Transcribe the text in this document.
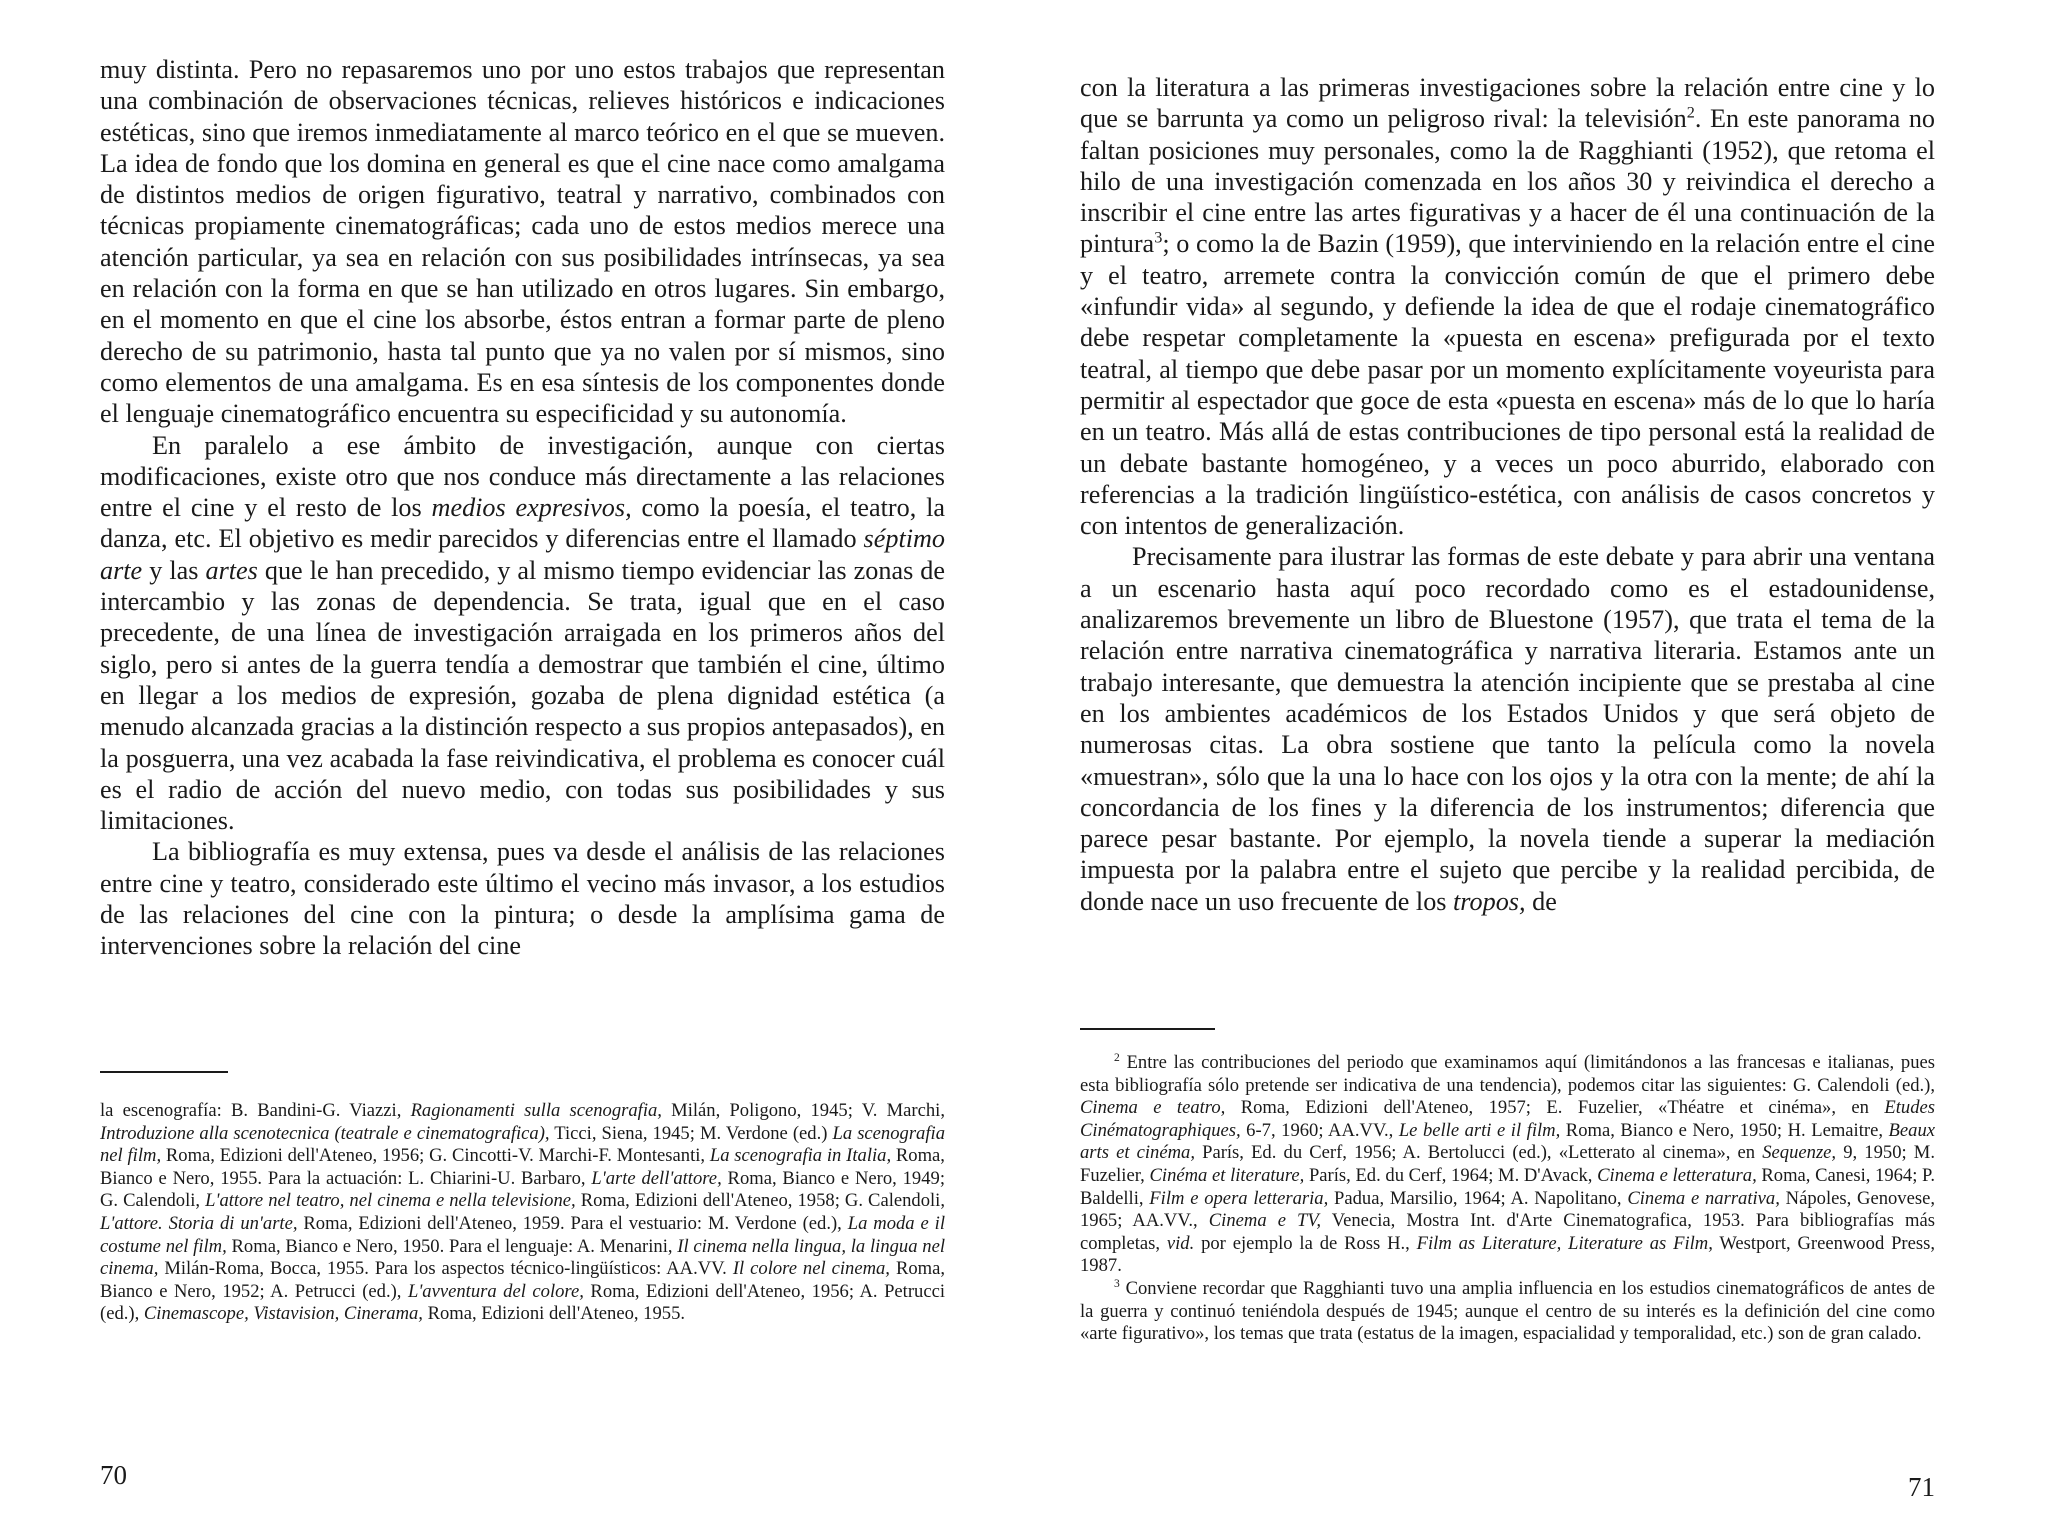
muy distinta. Pero no repasaremos uno por uno estos trabajos que representan una combinación de observaciones técnicas, relieves históricos e indicaciones estéticas, sino que iremos inmediatamente al marco teórico en el que se mueven. La idea de fondo que los domina en general es que el cine nace como amalgama de distintos medios de origen figurativo, teatral y narrativo, combinados con técnicas propiamente cinematográficas; cada uno de estos medios merece una atención particular, ya sea en relación con sus posibilidades intrínsecas, ya sea en relación con la forma en que se han utilizado en otros lugares. Sin embargo, en el momento en que el cine los absorbe, éstos entran a formar parte de pleno derecho de su patrimonio, hasta tal punto que ya no valen por sí mismos, sino como elementos de una amalgama. Es en esa síntesis de los componentes donde el lenguaje cinematográfico encuentra su especificidad y su autonomía.

En paralelo a ese ámbito de investigación, aunque con ciertas modificaciones, existe otro que nos conduce más directamente a las relaciones entre el cine y el resto de los medios expresivos, como la poesía, el teatro, la danza, etc. El objetivo es medir parecidos y diferencias entre el llamado séptimo arte y las artes que le han precedido, y al mismo tiempo evidenciar las zonas de intercambio y las zonas de dependencia. Se trata, igual que en el caso precedente, de una línea de investigación arraigada en los primeros años del siglo, pero si antes de la guerra tendía a demostrar que también el cine, último en llegar a los medios de expresión, gozaba de plena dignidad estética (a menudo alcanzada gracias a la distinción respecto a sus propios antepasados), en la posguerra, una vez acabada la fase reivindicativa, el problema es conocer cuál es el radio de acción del nuevo medio, con todas sus posibilidades y sus limitaciones.

La bibliografía es muy extensa, pues va desde el análisis de las relaciones entre cine y teatro, considerado este último el vecino más invasor, a los estudios de las relaciones del cine con la pintura; o desde la amplísima gama de intervenciones sobre la relación del cine

la escenografía: B. Bandini-G. Viazzi, Ragionamenti sulla scenografia, Milán, Poligono, 1945; V. Marchi, Introduzione alla scenotecnica (teatrale e cinematografica), Ticci, Siena, 1945; M. Verdone (ed.) La scenografia nel film, Roma, Edizioni dell'Ateneo, 1956; G. Cincotti-V. Marchi-F. Montesanti, La scenografia in Italia, Roma, Bianco e Nero, 1955. Para la actuación: L. Chiarini-U. Barbaro, L'arte dell'attore, Roma, Bianco e Nero, 1949; G. Calendoli, L'attore nel teatro, nel cinema e nella televisione, Roma, Edizioni dell'Ateneo, 1958; G. Calendoli, L'attore. Storia di un'arte, Roma, Edizioni dell'Ateneo, 1959. Para el vestuario: M. Verdone (ed.), La moda e il costume nel film, Roma, Bianco e Nero, 1950. Para el lenguaje: A. Menarini, Il cinema nella lingua, la lingua nel cinema, Milán-Roma, Bocca, 1955. Para los aspectos técnico-lingüísticos: AA.VV. Il colore nel cinema, Roma, Bianco e Nero, 1952; A. Petrucci (ed.), L'avventura del colore, Roma, Edizioni dell'Ateneo, 1956; A. Petrucci (ed.), Cinemascope, Vistavision, Cinerama, Roma, Edizioni dell'Ateneo, 1955.

70

con la literatura a las primeras investigaciones sobre la relación entre cine y lo que se barrunta ya como un peligroso rival: la televisión$^2$. En este panorama no faltan posiciones muy personales, como la de Ragghianti (1952), que retoma el hilo de una investigación comenzada en los años 30 y reivindica el derecho a inscribir el cine entre las artes figurativas y a hacer de él una continuación de la pintura$^3$; o como la de Bazin (1959), que interviniendo en la relación entre el cine y el teatro, arremete contra la convicción común de que el primero debe «infundir vida» al segundo, y defiende la idea de que el rodaje cinematográfico debe respetar completamente la «puesta en escena» prefigurada por el texto teatral, al tiempo que debe pasar por un momento explícitamente voyeurista para permitir al espectador que goce de esta «puesta en escena» más de lo que lo haría en un teatro. Más allá de estas contribuciones de tipo personal está la realidad de un debate bastante homogéneo, y a veces un poco aburrido, elaborado con referencias a la tradición lingüístico-estética, con análisis de casos concretos y con intentos de generalización.

Precisamente para ilustrar las formas de este debate y para abrir una ventana a un escenario hasta aquí poco recordado como es el estadounidense, analizaremos brevemente un libro de Bluestone (1957), que trata el tema de la relación entre narrativa cinematográfica y narrativa literaria. Estamos ante un trabajo interesante, que demuestra la atención incipiente que se prestaba al cine en los ambientes académicos de los Estados Unidos y que será objeto de numerosas citas. La obra sostiene que tanto la película como la novela «muestran», sólo que la una lo hace con los ojos y la otra con la mente; de ahí la concordancia de los fines y la diferencia de los instrumentos; diferencia que parece pesar bastante. Por ejemplo, la novela tiende a superar la mediación impuesta por la palabra entre el sujeto que percibe y la realidad percibida, de donde nace un uso frecuente de los tropos, de

$^2$ Entre las contribuciones del periodo que examinamos aquí (limitándonos a las francesas e italianas, pues esta bibliografía sólo pretende ser indicativa de una tendencia), podemos citar las siguientes: G. Calendoli (ed.), Cinema e teatro, Roma, Edizioni dell'Ateneo, 1957; E. Fuzelier, «Théatre et cinéma», en Etudes Cinématographiques, 6-7, 1960; AA.VV., Le belle arti e il film, Roma, Bianco e Nero, 1950; H. Lemaitre, Beaux arts et cinéma, París, Ed. du Cerf, 1956; A. Bertolucci (ed.), «Letterato al cinema», en Sequenze, 9, 1950; M. Fuzelier, Cinéma et literature, París, Ed. du Cerf, 1964; M. D'Avack, Cinema e letteratura, Roma, Canesi, 1964; P. Baldelli, Film e opera letteraria, Padua, Marsilio, 1964; A. Napolitano, Cinema e narrativa, Nápoles, Genovese, 1965; AA.VV., Cinema e TV, Venecia, Mostra Int. d'Arte Cinematografica, 1953. Para bibliografías más completas, vid. por ejemplo la de Ross H., Film as Literature, Literature as Film, Westport, Greenwood Press, 1987.

$^3$ Conviene recordar que Ragghianti tuvo una amplia influencia en los estudios cinematográficos de antes de la guerra y continuó teniéndola después de 1945; aunque el centro de su interés es la definición del cine como «arte figurativo», los temas que trata (estatus de la imagen, espacialidad y temporalidad, etc.) son de gran calado.

71
